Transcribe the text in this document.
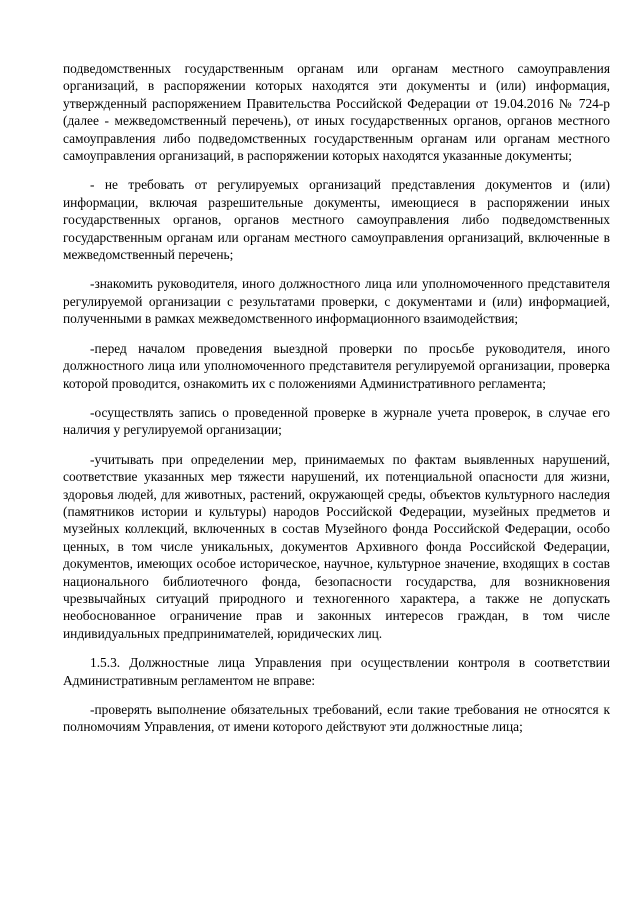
подведомственных государственным органам или органам местного самоуправления организаций, в распоряжении которых находятся эти документы и (или) информация, утвержденный распоряжением Правительства Российской Федерации от 19.04.2016 № 724-р (далее - межведомственный перечень), от иных государственных органов, органов местного самоуправления либо подведомственных государственным органам или органам местного самоуправления организаций, в распоряжении которых находятся указанные документы;

- не требовать от регулируемых организаций представления документов и (или) информации, включая разрешительные документы, имеющиеся в распоряжении иных государственных органов, органов местного самоуправления либо подведомственных государственным органам или органам местного самоуправления организаций, включенные в межведомственный перечень;

-знакомить руководителя, иного должностного лица или уполномоченного представителя регулируемой организации с результатами проверки, с документами и (или) информацией, полученными в рамках межведомственного информационного взаимодействия;

-перед началом проведения выездной проверки по просьбе руководителя, иного должностного лица или уполномоченного представителя регулируемой организации, проверка которой проводится, ознакомить их с положениями Административного регламента;

-осуществлять запись о проведенной проверке в журнале учета проверок, в случае его наличия у регулируемой организации;

-учитывать при определении мер, принимаемых по фактам выявленных нарушений, соответствие указанных мер тяжести нарушений, их потенциальной опасности для жизни, здоровья людей, для животных, растений, окружающей среды, объектов культурного наследия (памятников истории и культуры) народов Российской Федерации, музейных предметов и музейных коллекций, включенных в состав Музейного фонда Российской Федерации, особо ценных, в том числе уникальных, документов Архивного фонда Российской Федерации, документов, имеющих особое историческое, научное, культурное значение, входящих в состав национального библиотечного фонда, безопасности государства, для возникновения чрезвычайных ситуаций природного и техногенного характера, а также не допускать необоснованное ограничение прав и законных интересов граждан, в том числе индивидуальных предпринимателей, юридических лиц.

1.5.3. Должностные лица Управления при осуществлении контроля в соответствии Административным регламентом не вправе:

-проверять выполнение обязательных требований, если такие требования не относятся к полномочиям Управления, от имени которого действуют эти должностные лица;
